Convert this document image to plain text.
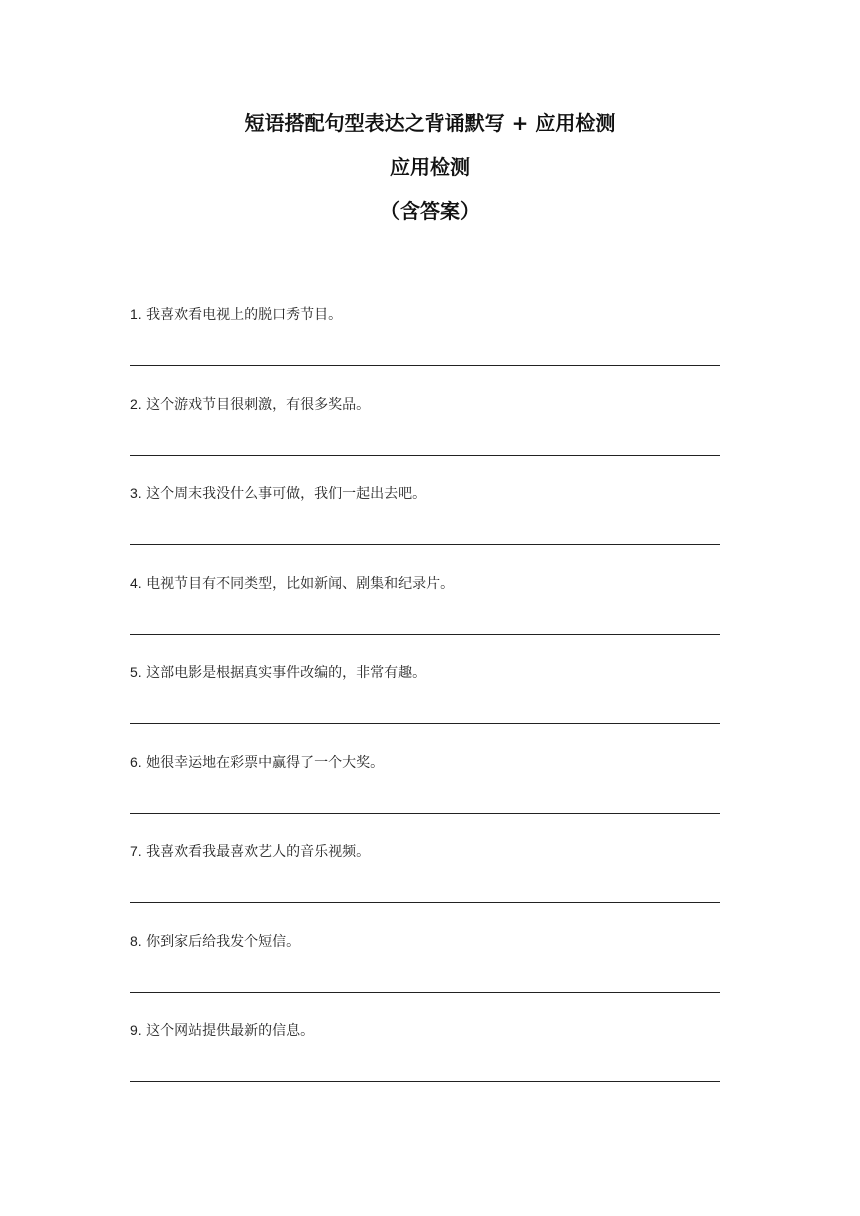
短语搭配句型表达之背诵默写 + 应用检测
应用检测
（含答案）
1. 我喜欢看电视上的脱口秀节目。
2. 这个游戏节目很刺激，有很多奖品。
3. 这个周末我没什么事可做，我们一起出去吧。
4. 电视节目有不同类型，比如新闻、剧集和纪录片。
5. 这部电影是根据真实事件改编的，非常有趣。
6. 她很幸运地在彩票中赢得了一个大奖。
7. 我喜欢看我最喜欢艺人的音乐视频。
8. 你到家后给我发个短信。
9. 这个网站提供最新的信息。
